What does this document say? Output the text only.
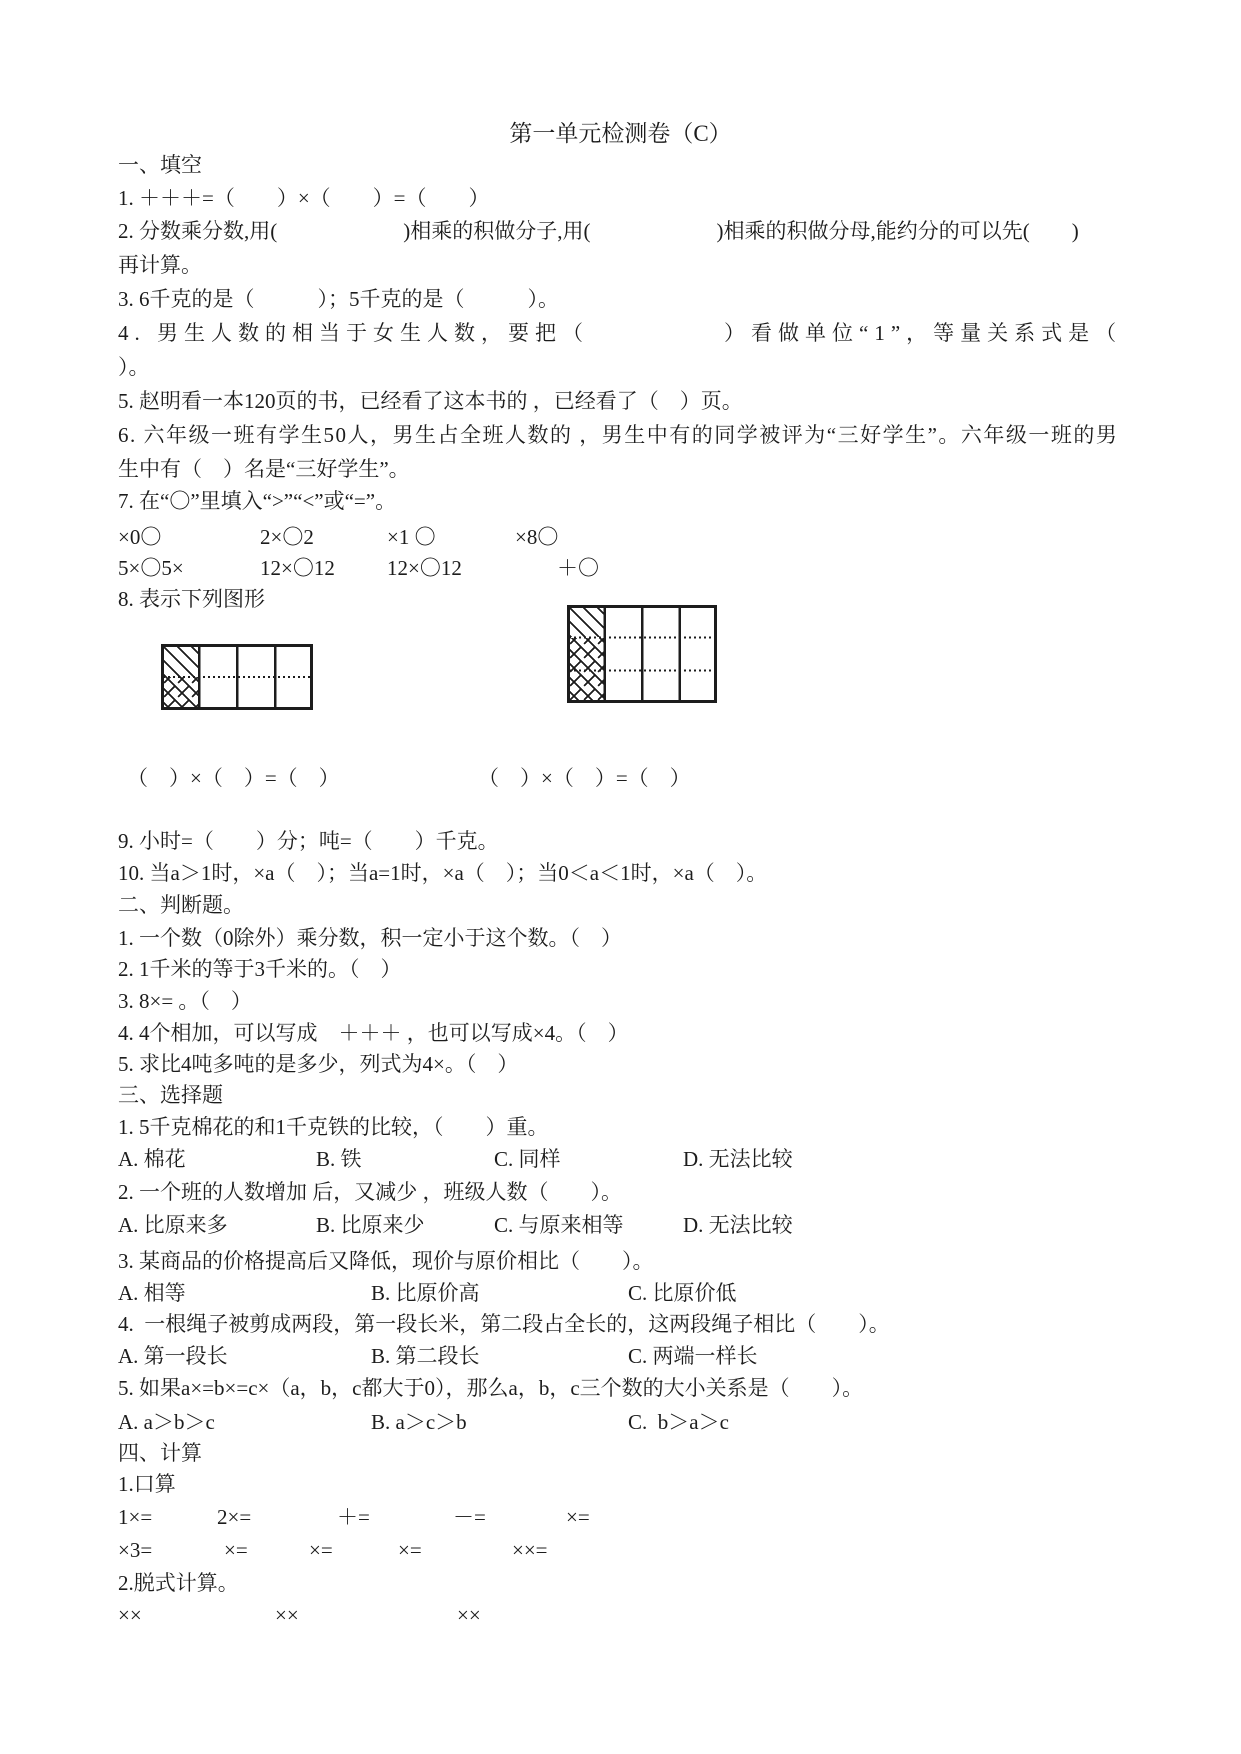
第一单元检测卷（C）
一、填空
1. ＋＋＋=（　　）×（　　）=（　　）
2. 分数乘分数,用(　　　　　　)相乘的积做分子,用(　　　　　　)相乘的积做分母,能约分的可以先(　　)
再计算。
3. 6千克的是（　　　）；5千克的是（　　　）。
4. 男生人数的相当于女生人数，要把（　　　　　）看做单位“1”，等量关系式是（
）。
5. 赵明看一本120页的书，已经看了这本书的 ，已经看了（　）页。
6. 六年级一班有学生50人，男生占全班人数的 ，男生中有的同学被评为“三好学生”。六年级一班的男
生中有（　）名是“三好学生”。
7. 在“〇”里填入“>”“<”或“=”。
×0〇	2×〇2	×1 〇	×8〇
5×〇5×	12×〇12 12×〇12	＋〇
8. 表示下列图形
（　）×（　）=（　）	（　）×（　）=（　）
9. 小时=（　　）分；吨=（　　）千克。
10. 当a＞1时，×a（　）；当a=1时，×a（　）；当0＜a＜1时，×a（　）。
二、判断题。
1. 一个数（0除外）乘分数，积一定小于这个数。（　）
2. 1千米的等于3千米的。（　）
3. 8×= 。（　）
4. 4个相加，可以写成　＋＋＋ ，也可以写成×4。（　）
5. 求比4吨多吨的是多少，列式为4×。（　）
三、选择题
1. 5千克棉花的和1千克铁的比较，（　　）重。
A. 棉花	B. 铁	C. 同样	D. 无法比较
2. 一个班的人数增加 后，又减少 ，班级人数（　　）。
A. 比原来多	B. 比原来少	C. 与原来相等	D. 无法比较
3. 某商品的价格提高后又降低，现价与原价相比（　　）。
A. 相等	B. 比原价高	C. 比原价低
4.  一根绳子被剪成两段，第一段长米，第二段占全长的，这两段绳子相比（　　）。
A. 第一段长	B. 第二段长	C. 两端一样长
5. 如果a×=b×=c×（a，b，c都大于0），那么a，b，c三个数的大小关系是（　　）。
A. a＞b＞c	B. a＞c＞b	C.  b＞a＞c
四、计算
1.口算
1×=	2×=	＋=	－=	×=
×3=	×=	×=	×=	××=
2.脱式计算。
××	××	××
